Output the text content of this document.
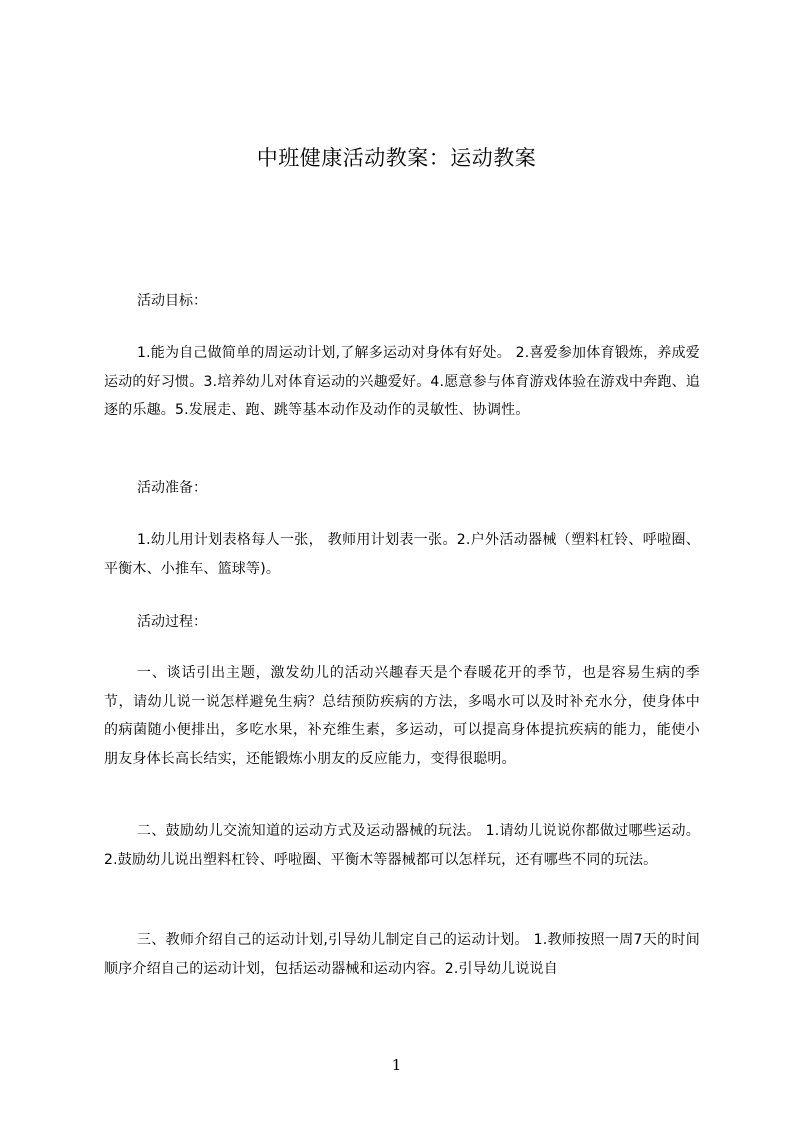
中班健康活动教案：运动教案
活动目标：
1.能为自己做简单的周运动计划,了解多运动对身体有好处。 2.喜爱参加体育锻炼，养成爱运动的好习惯。3.培养幼儿对体育运动的兴趣爱好。4.愿意参与体育游戏体验在游戏中奔跑、追逐的乐趣。5.发展走、跑、跳等基本动作及动作的灵敏性、协调性。
活动准备：
1.幼儿用计划表格每人一张， 教师用计划表一张。2.户外活动器械（塑料杠铃、呼啦圈、平衡木、小推车、篮球等)。
活动过程：
一、谈话引出主题，激发幼儿的活动兴趣春天是个春暖花开的季节，也是容易生病的季节，请幼儿说一说怎样避免生病？总结预防疾病的方法，多喝水可以及时补充水分，使身体中的病菌随小便排出，多吃水果，补充维生素，多运动，可以提高身体提抗疾病的能力，能使小朋友身体长高长结实，还能锻炼小朋友的反应能力，变得很聪明。
二、鼓励幼儿交流知道的运动方式及运动器械的玩法。 1.请幼儿说说你都做过哪些运动。2.鼓励幼儿说出塑料杠铃、呼啦圈、平衡木等器械都可以怎样玩，还有哪些不同的玩法。
三、教师介绍自己的运动计划,引导幼儿制定自己的运动计划。 1.教师按照一周7天的时间顺序介绍自己的运动计划，包括运动器械和运动内容。2.引导幼儿说说自
1
